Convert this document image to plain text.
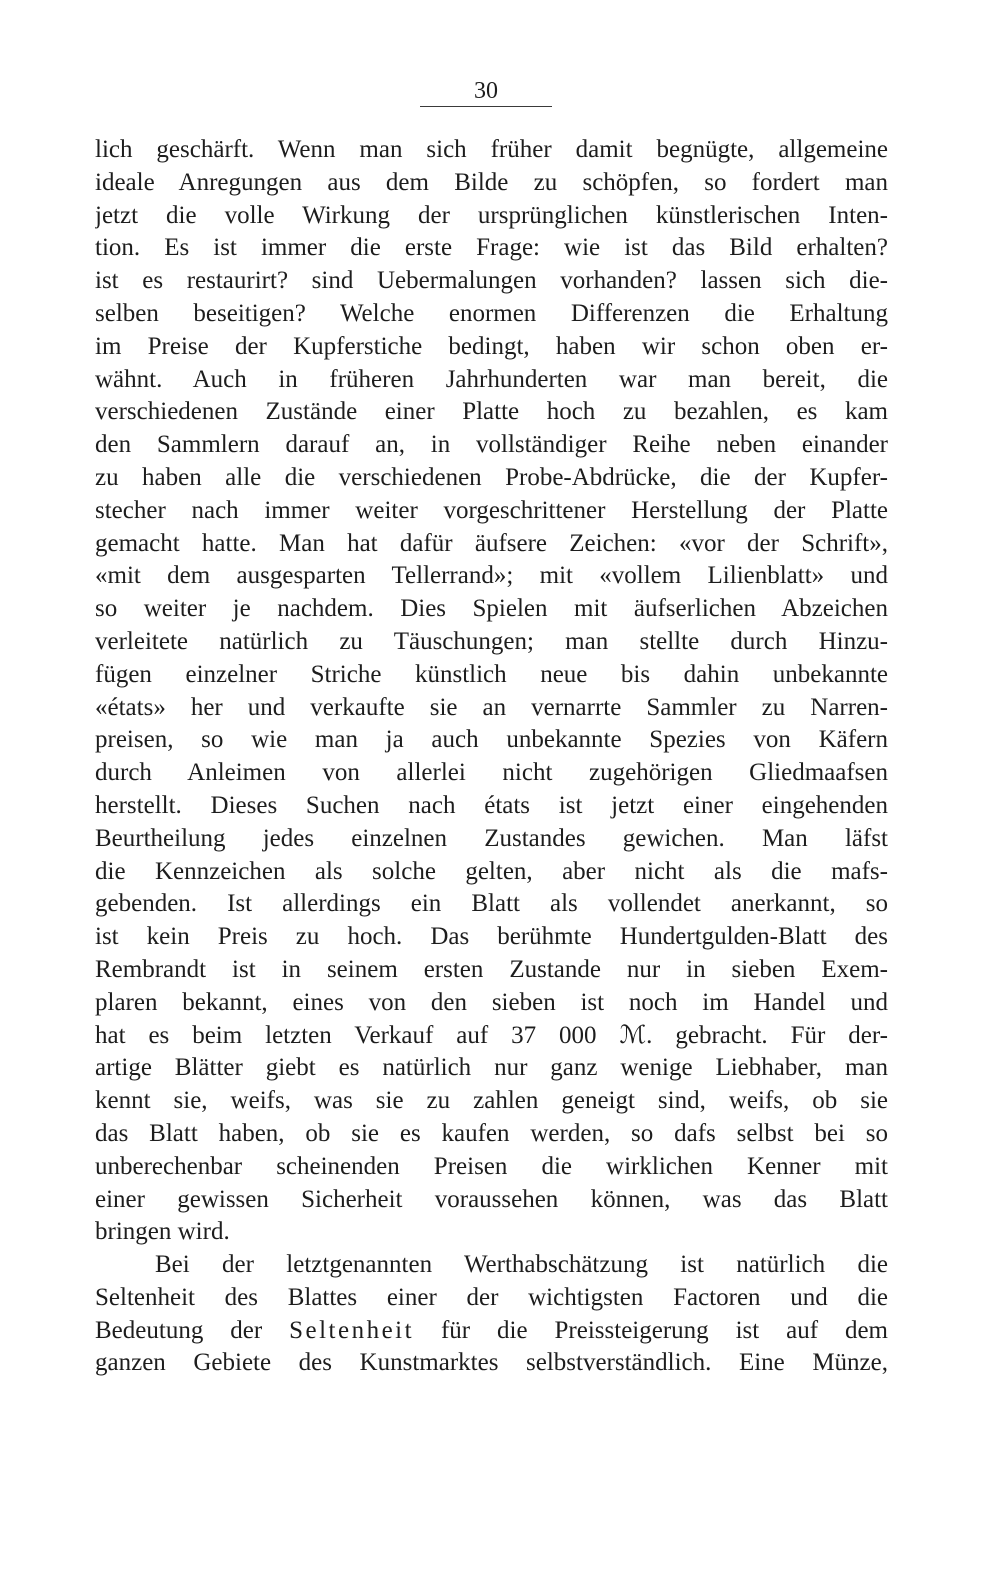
30
lich geschärft. Wenn man sich früher damit begnügte, allgemeine
ideale Anregungen aus dem Bilde zu schöpfen, so fordert man
jetzt die volle Wirkung der ursprünglichen künstlerischen Inten-
tion. Es ist immer die erste Frage: wie ist das Bild erhalten?
ist es restaurirt? sind Uebermalungen vorhanden? lassen sich die-
selben beseitigen? Welche enormen Differenzen die Erhaltung
im Preise der Kupferstiche bedingt, haben wir schon oben er-
wähnt. Auch in früheren Jahrhunderten war man bereit, die
verschiedenen Zustände einer Platte hoch zu bezahlen, es kam
den Sammlern darauf an, in vollständiger Reihe neben einander
zu haben alle die verschiedenen Probe-Abdrücke, die der Kupfer-
stecher nach immer weiter vorgeschrittener Herstellung der Platte
gemacht hatte. Man hat dafür äufsere Zeichen: «vor der Schrift»,
«mit dem ausgesparten Tellerrand»; mit «vollem Lilienblatt» und
so weiter je nachdem. Dies Spielen mit äufserlichen Abzeichen
verleitete natürlich zu Täuschungen; man stellte durch Hinzu-
fügen einzelner Striche künstlich neue bis dahin unbekannte
«états» her und verkaufte sie an vernarrte Sammler zu Narren-
preisen, so wie man ja auch unbekannte Spezies von Käfern
durch Anleimen von allerlei nicht zugehörigen Gliedmaafsen
herstellt. Dieses Suchen nach états ist jetzt einer eingehenden
Beurtheilung jedes einzelnen Zustandes gewichen. Man läfst
die Kennzeichen als solche gelten, aber nicht als die mafs-
gebenden. Ist allerdings ein Blatt als vollendet anerkannt, so
ist kein Preis zu hoch. Das berühmte Hundertgulden-Blatt des
Rembrandt ist in seinem ersten Zustande nur in sieben Exem-
plaren bekannt, eines von den sieben ist noch im Handel und
hat es beim letzten Verkauf auf 37 000 ℳ. gebracht. Für der-
artige Blätter giebt es natürlich nur ganz wenige Liebhaber, man
kennt sie, weifs, was sie zu zahlen geneigt sind, weifs, ob sie
das Blatt haben, ob sie es kaufen werden, so dafs selbst bei so
unberechenbar scheinenden Preisen die wirklichen Kenner mit
einer gewissen Sicherheit voraussehen können, was das Blatt
bringen wird.
Bei der letztgenannten Werthabschätzung ist natürlich die
Seltenheit des Blattes einer der wichtigsten Factoren und die
Bedeutung der Seltenheit für die Preissteigerung ist auf dem
ganzen Gebiete des Kunstmarktes selbstverständlich. Eine Münze,
